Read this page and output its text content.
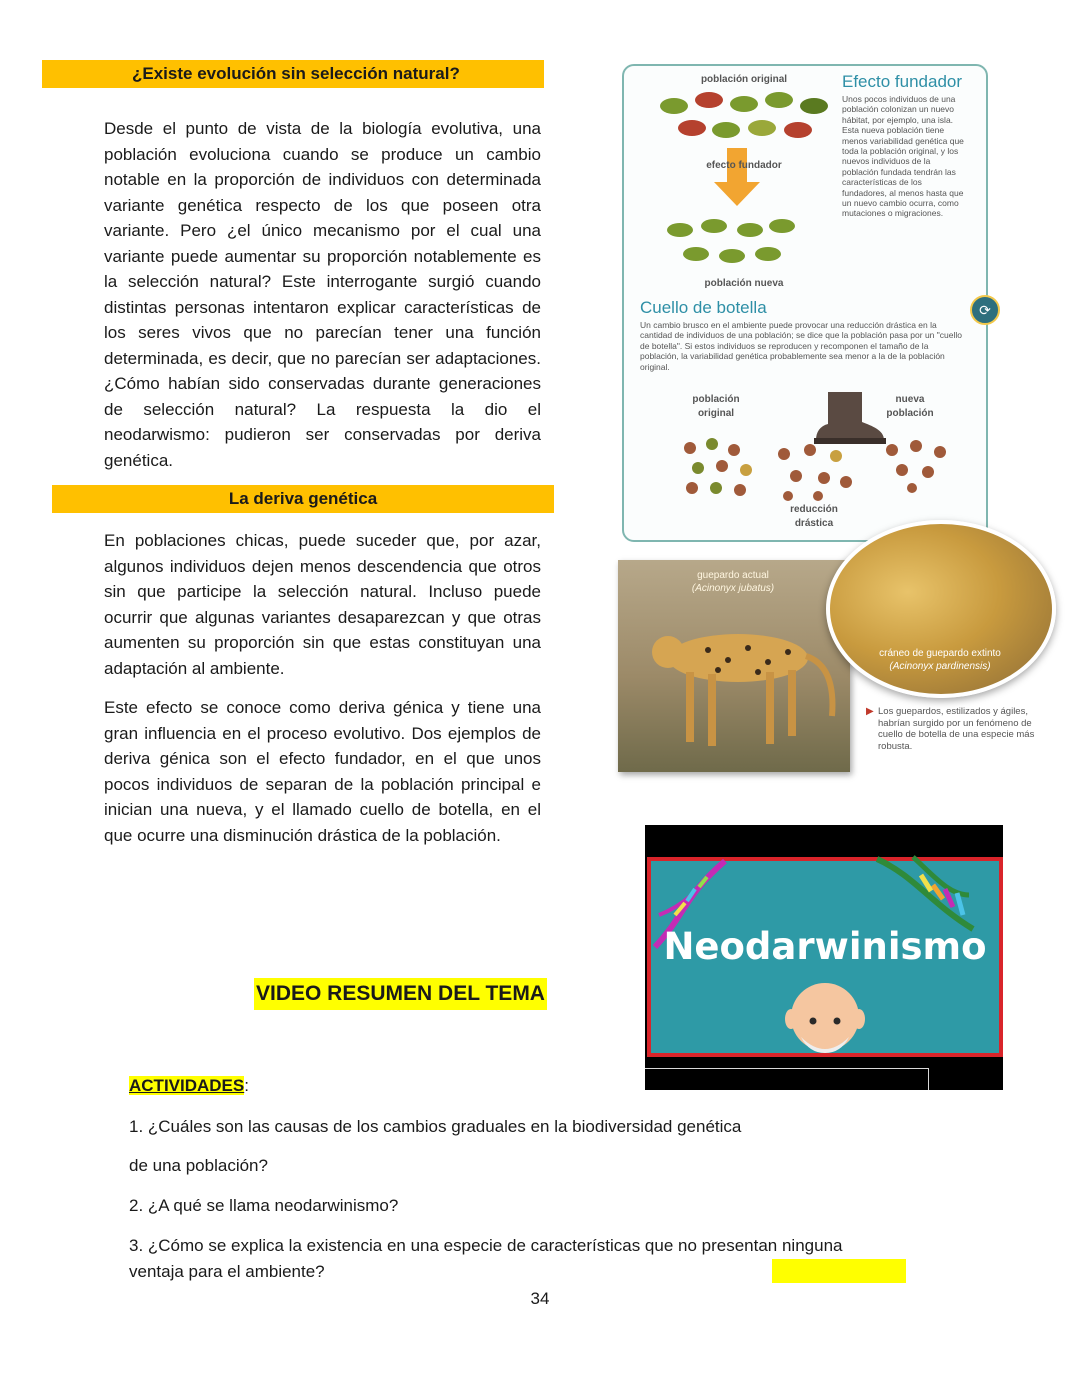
¿Existe evolución sin selección natural?

Desde el punto de vista de la biología evolutiva, una población evoluciona cuando se produce un cambio notable en la proporción de individuos con determinada variante genética respecto de los que poseen otra variante. Pero ¿el único mecanismo por el cual una variante puede aumentar su proporción notablemente es la selección natural? Este interrogante surgió cuando distintas personas intentaron explicar características de los seres vivos que no parecían tener una función determinada, es decir, que no parecían ser adaptaciones. ¿Cómo habían sido conservadas durante generaciones de selección natural? La respuesta la dio el neodarwismo: pudieron ser conservadas por deriva genética.

La deriva genética

En poblaciones chicas, puede suceder que, por azar, algunos individuos dejen menos descendencia que otros sin que participe la selección natural. Incluso puede ocurrir que algunas variantes desaparezcan y que otras aumenten su proporción sin que estas constituyan una adaptación al ambiente.

Este efecto se conoce como deriva génica y tiene una gran influencia en el proceso evolutivo. Dos ejemplos de deriva génica son el efecto fundador, en el que unos pocos individuos de separan de la población principal e inician una nueva, y el llamado cuello de botella, en el que ocurre una disminución drástica de la población.

población original
efecto fundador
población nueva
Efecto fundador
Unos pocos individuos de una población colonizan un nuevo hábitat, por ejemplo, una isla. Esta nueva población tiene menos variabilidad genética que toda la población original, y los nuevos individuos de la población fundada tendrán las características de los fundadores, al menos hasta que un nuevo cambio ocurra, como mutaciones o migraciones.
Cuello de botella	⟳
Un cambio brusco en el ambiente puede provocar una reducción drástica en la cantidad de individuos de una población; se dice que la población pasa por un "cuello de botella". Si estos individuos se reproducen y recomponen el tamaño de la población, la variabilidad genética probablemente sea menor a la de la población original.
población
original
nueva
población
reducción
drástica
guepardo actual
(Acinonyx jubatus)
cráneo de guepardo extinto
(Acinonyx pardinensis)
▶ Los guepardos, estilizados y ágiles, habrían surgido por un fenómeno de cuello de botella de una especie más robusta.
VIDEO RESUMEN DEL TEMA
Neodarwinismo
ACTIVIDADES:
1. ¿Cuáles son las causas de los cambios graduales en la biodiversidad genética
de una población?
2. ¿A qué se llama neodarwinismo?
3. ¿Cómo se explica la existencia en una especie de características que no presentan ninguna
ventaja para el ambiente?
34
